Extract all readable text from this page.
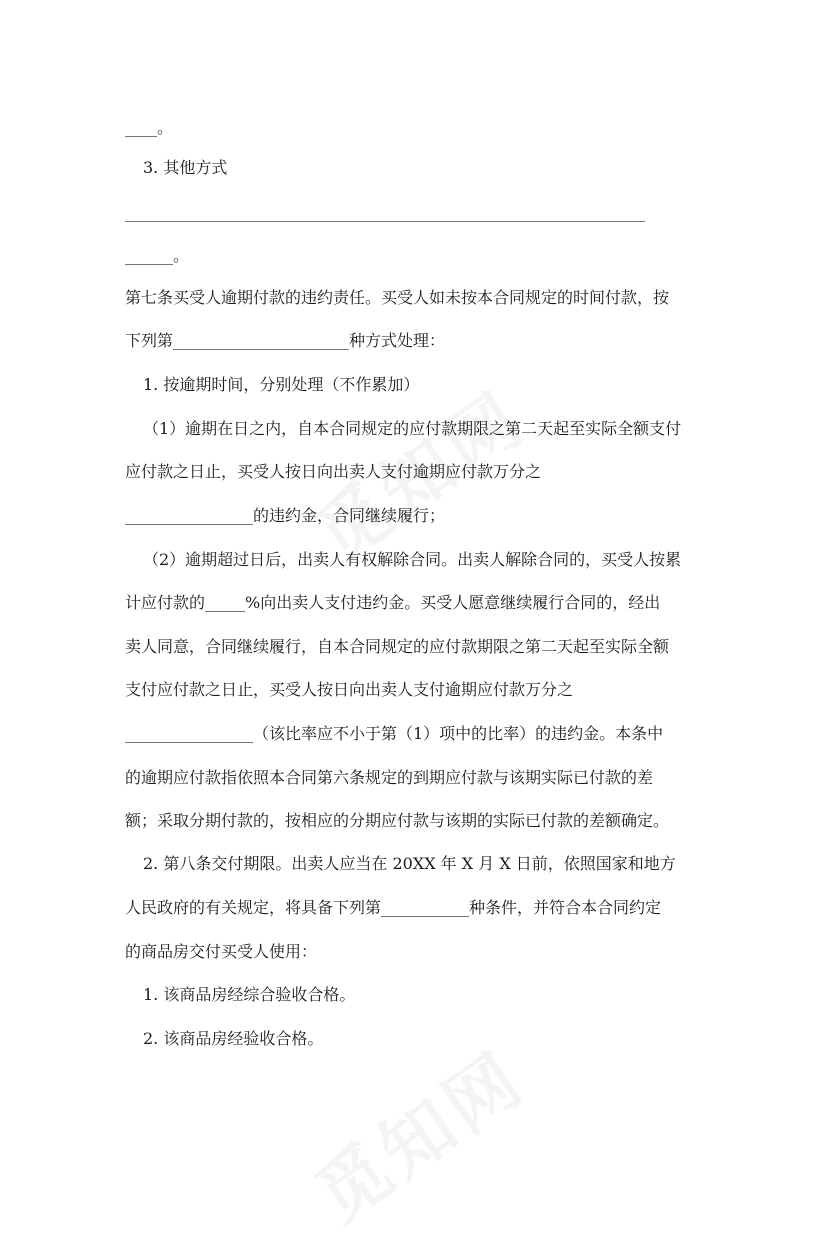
____。
3. 其他方式
_________________________________________________________________
______。
第七条买受人逾期付款的违约责任。买受人如未按本合同规定的时间付款，按
下列第______________________种方式处理：
1. 按逾期时间，分别处理（不作累加）
（1）逾期在日之内，自本合同规定的应付款期限之第二天起至实际全额支付
应付款之日止，买受人按日向出卖人支付逾期应付款万分之
________________的违约金，合同继续履行；
（2）逾期超过日后，出卖人有权解除合同。出卖人解除合同的，买受人按累
计应付款的_____%向出卖人支付违约金。买受人愿意继续履行合同的，经出
卖人同意，合同继续履行，自本合同规定的应付款期限之第二天起至实际全额
支付应付款之日止，买受人按日向出卖人支付逾期应付款万分之
________________（该比率应不小于第（1）项中的比率）的违约金。本条中
的逾期应付款指依照本合同第六条规定的到期应付款与该期实际已付款的差
额；采取分期付款的，按相应的分期应付款与该期的实际已付款的差额确定。
2. 第八条交付期限。出卖人应当在 20XX 年 X 月 X 日前，依照国家和地方
人民政府的有关规定，将具备下列第___________种条件，并符合本合同约定
的商品房交付买受人使用：
1. 该商品房经综合验收合格。
2. 该商品房经验收合格。
